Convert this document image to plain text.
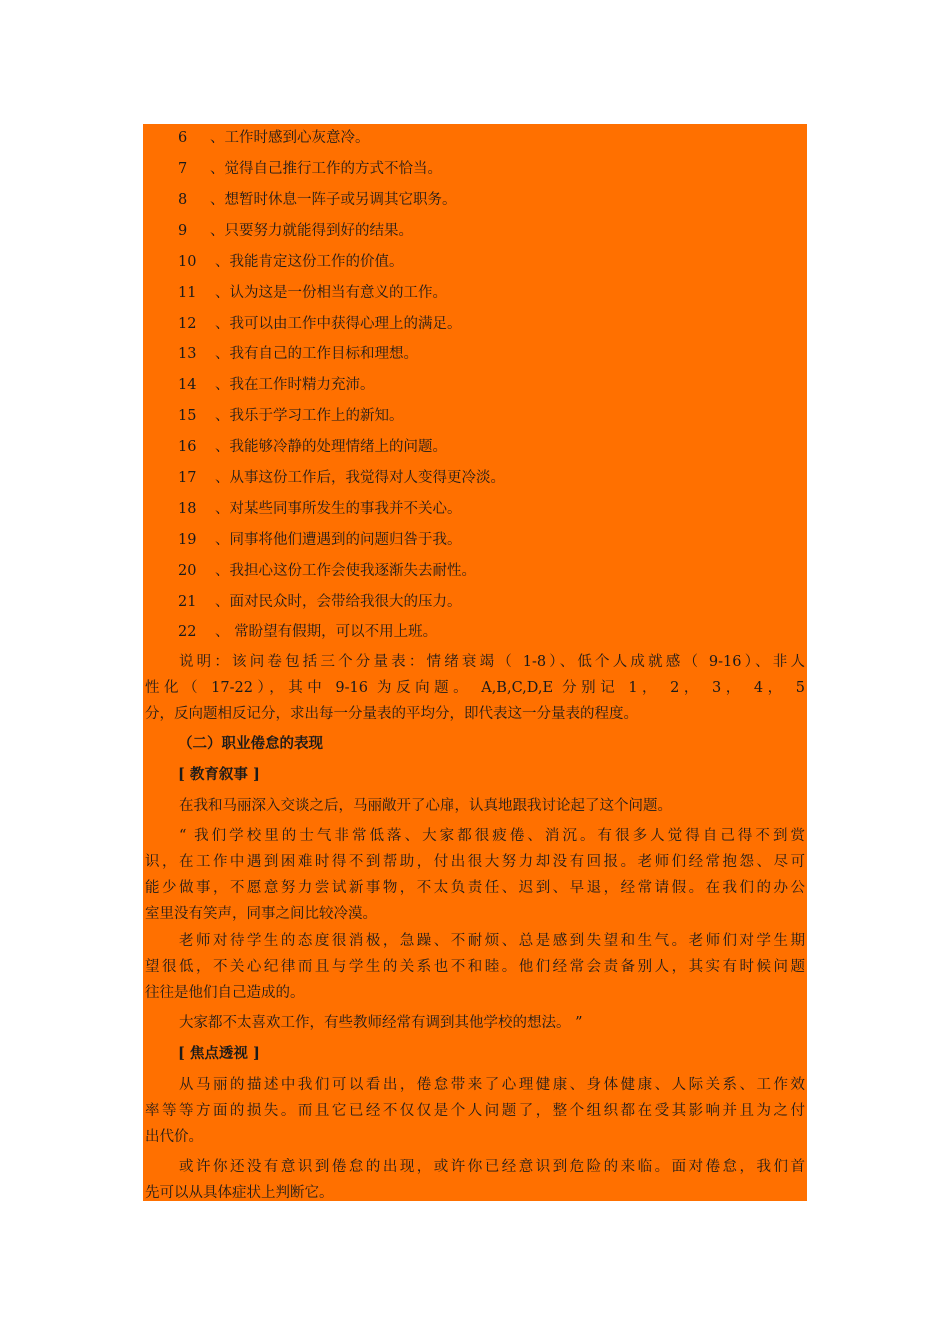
6 、工作时感到心灰意冷。
7 、觉得自己推行工作的方式不恰当。
8 、想暂时休息一阵子或另调其它职务。
9 、只要努力就能得到好的结果。
10 、我能肯定这份工作的价值。
11 、认为这是一份相当有意义的工作。
12 、我可以由工作中获得心理上的满足。
13 、我有自己的工作目标和理想。
14 、我在工作时精力充沛。
15 、我乐于学习工作上的新知。
16 、我能够冷静的处理情绪上的问题。
17 、从事这份工作后，我觉得对人变得更冷淡。
18 、对某些同事所发生的事我并不关心。
19 、同事将他们遭遇到的问题归咎于我。
20 、我担心这份工作会使我逐渐失去耐性。
21 、面对民众时，会带给我很大的压力。
22 、 常盼望有假期，可以不用上班。
说明：该问卷包括三个分量表：情绪衰竭（ 1-8）、低个人成就感（ 9-16）、非人
性化（ 17-22），其中 9-16 为反向题。 A,B,C,D,E 分别记 1， 2， 3， 4， 5
分，反向题相反记分，求出每一分量表的平均分，即代表这一分量表的程度。
（二）职业倦怠的表现
[ 教育叙事 ]
在我和马丽深入交谈之后，马丽敞开了心扉，认真地跟我讨论起了这个问题。
“ 我们学校里的士气非常低落、大家都很疲倦、消沉。有很多人觉得自己得不到赏
识，在工作中遇到困难时得不到帮助，付出很大努力却没有回报。老师们经常抱怨、尽可
能少做事，不愿意努力尝试新事物，不太负责任、迟到、早退，经常请假。在我们的办公
室里没有笑声，同事之间比较冷漠。
老师对待学生的态度很消极，急躁、不耐烦、总是感到失望和生气。老师们对学生期
望很低，不关心纪律而且与学生的关系也不和睦。他们经常会责备别人，其实有时候问题
往往是他们自己造成的。
大家都不太喜欢工作，有些教师经常有调到其他学校的想法。 ”
[ 焦点透视 ]
从马丽的描述中我们可以看出，倦怠带来了心理健康、身体健康、人际关系、工作效
率等等方面的损失。而且它已经不仅仅是个人问题了，整个组织都在受其影响并且为之付
出代价。
或许你还没有意识到倦怠的出现，或许你已经意识到危险的来临。面对倦怠，我们首
先可以从具体症状上判断它。
